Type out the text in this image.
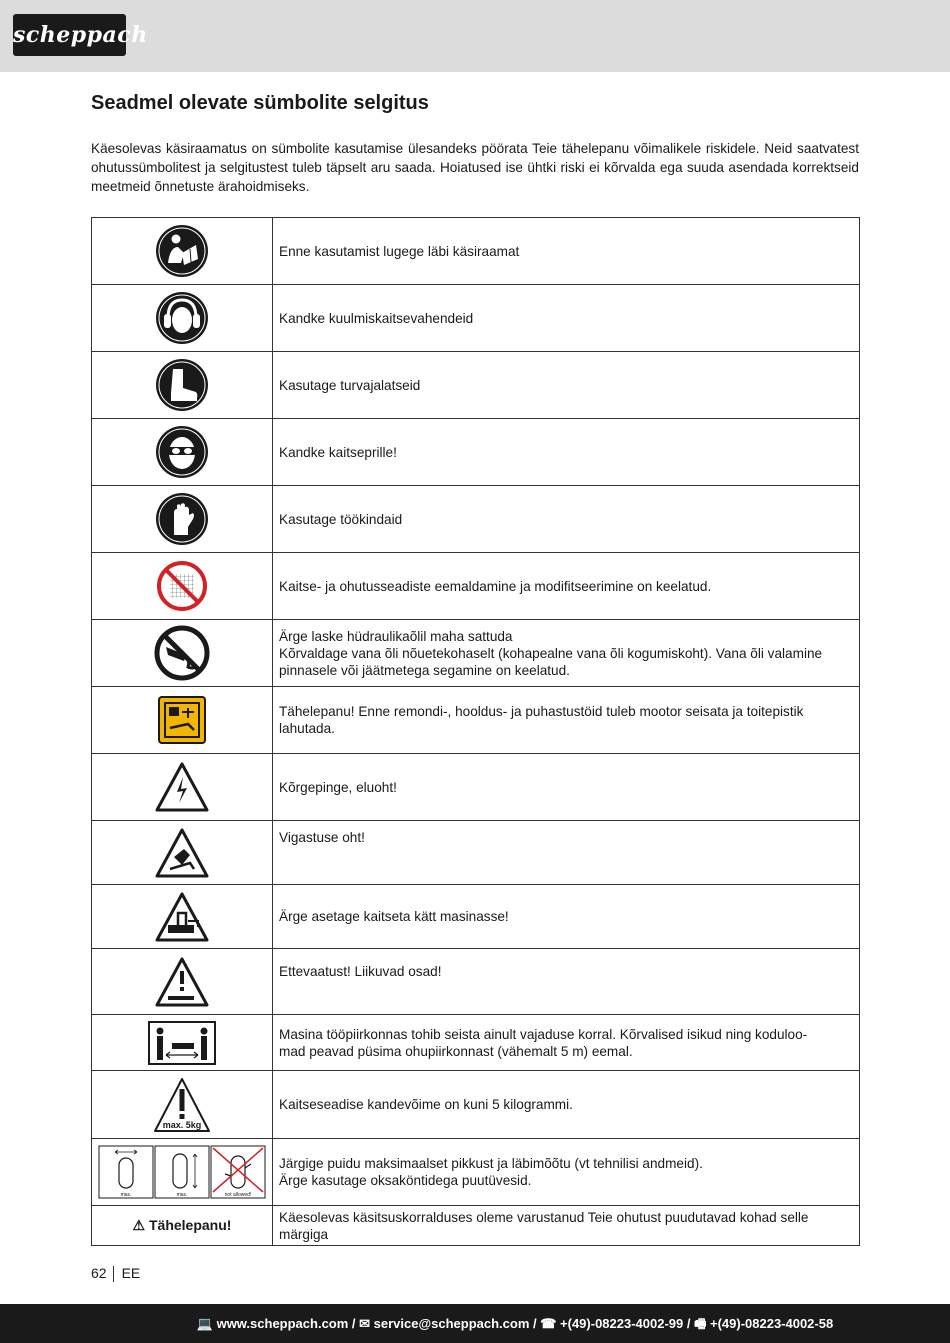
scheppach
Seadmel olevate sümbolite selgitus

Käesolevas käsiraamatus on sümbolite kasutamise ülesandeks pöörata Teie tähelepanu võimalikele riskidele. Neid saatvatest ohutussümbolitest ja selgitustest tuleb täpselt aru saada. Hoiatused ise ühtki riski ei kõrvalda ega suuda asendada korrektseid meetmeid õnnetuste ärahoidmiseks.

Enne kasutamist lugege läbi käsiraamat

Kandke kuulmiskaitsevahendeid

Kasutage turvajalatseid

Kandke kaitseprille!

Kasutage töökindaid

Kaitse- ja ohutusseadiste eemaldamine ja modifitseerimine on keelatud.

Ärge laske hüdraulikaõlil maha sattuda
Kõrvaldage vana õli nõuetekohaselt (kohapealne vana õli kogumiskoht). Vana õli valamine pinnasele või jäätmetega segamine on keelatud.

Tähelepanu! Enne remondi-, hooldus- ja puhastustöid tuleb mootor seisata ja toitepistik lahutada.

Kõrgepinge, eluoht!

Vigastuse oht!

Ärge asetage kaitseta kätt masinasse!

Ettevaatust! Liikuvad osad!

Masina tööpiirkonnas tohib seista ainult vajaduse korral. Kõrvalised isikud ning koduloo-
mad peavad püsima ohupiirkonnast (vähemalt 5 m) eemal.

max. 5kg	Kaitseseadise kandevõime on kuni 5 kilogrammi.

max. max. not allowed!	Järgige puidu maksimaalset pikkust ja läbimõõtu (vt tehnilisi andmeid).
Ärge kasutage oksaköntidega puutüvesid.

⚠ Tähelepanu!	Käesolevas käsitsuskorralduses oleme varustanud Teie ohutust puudutavad kohad selle märgiga
62 EE
💻 www.scheppach.com / ✉ service@scheppach.com / ☎ +(49)-08223-4002-99 / 🖷 +(49)-08223-4002-58
